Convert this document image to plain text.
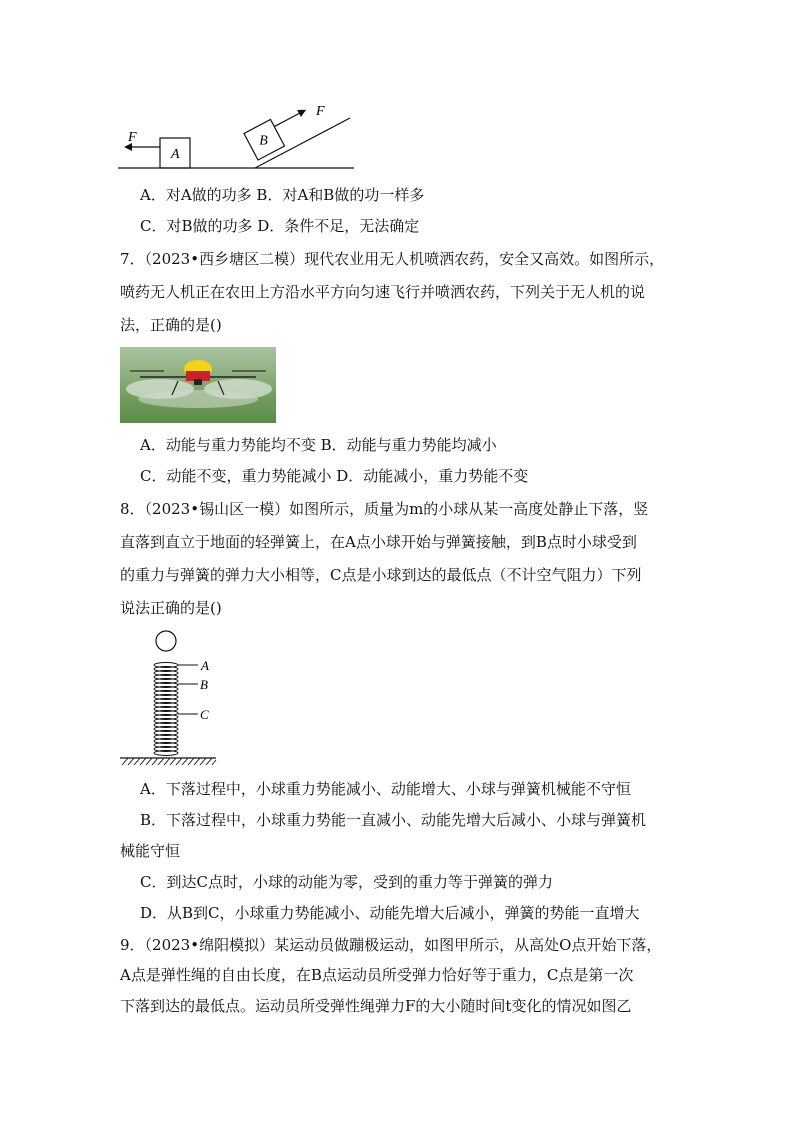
A
F	B
F
A．对A做的功多 B．对A和B做的功一样多
C．对B做的功多 D．条件不足，无法确定
7．（2023•西乡塘区二模）现代农业用无人机喷洒农药，安全又高效。如图所示，
喷药无人机正在农田上方沿水平方向匀速飞行并喷洒农药，下列关于无人机的说
法，正确的是()
A．动能与重力势能均不变 B．动能与重力势能均减小
C．动能不变，重力势能减小 D．动能减小，重力势能不变
8．（2023•锡山区一模）如图所示，质量为m的小球从某一高度处静止下落，竖
直落到直立于地面的轻弹簧上，在A点小球开始与弹簧接触，到B点时小球受到
的重力与弹簧的弹力大小相等，C点是小球到达的最低点（不计空气阻力）下列
说法正确的是()
A
B
C
A．下落过程中，小球重力势能减小、动能增大、小球与弹簧机械能不守恒
B．下落过程中，小球重力势能一直减小、动能先增大后减小、小球与弹簧机
械能守恒
C．到达C点时，小球的动能为零，受到的重力等于弹簧的弹力
D．从B到C，小球重力势能减小、动能先增大后减小，弹簧的势能一直增大
9．（2023•绵阳模拟）某运动员做蹦极运动，如图甲所示，从高处O点开始下落，
A点是弹性绳的自由长度，在B点运动员所受弹力恰好等于重力，C点是第一次
下落到达的最低点。运动员所受弹性绳弹力F的大小随时间t变化的情况如图乙
